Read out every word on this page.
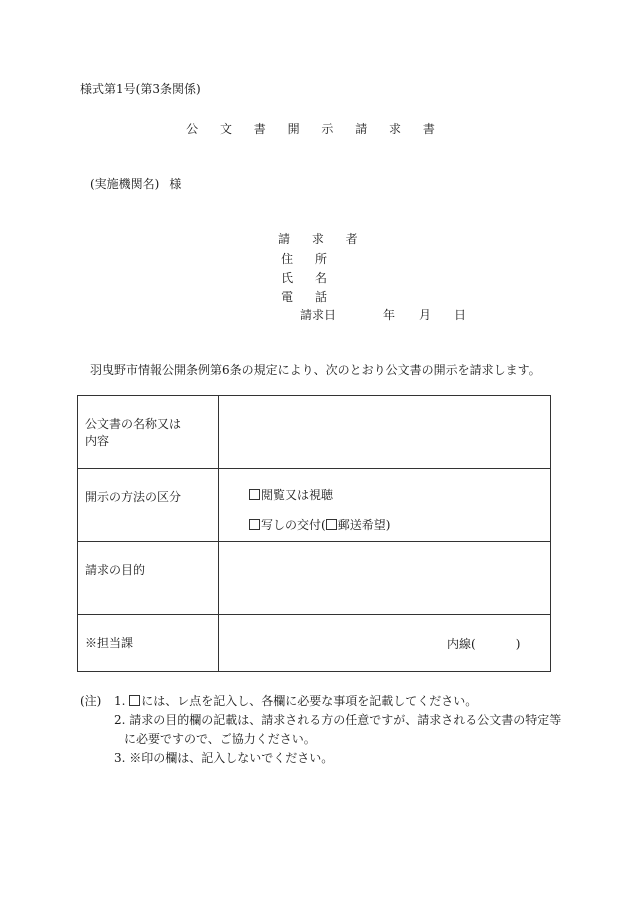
様式第1号(第3条関係)
公 文 書 開 示 請 求 書
(実施機関名) 様
請 求 者
住 所
氏 名
電 話
請求日	年 月 日
羽曳野市情報公開条例第6条の規定により、次のとおり公文書の開示を請求します。
公文書の名称又は
内容	

開示の方法の区分	閲覧又は視聴
写しの交付( 郵送希望)

請求の目的	
※担当課	内線( )
(注) 1. には、レ点を記入し、各欄に必要な事項を記載してください。
2. 請求の目的欄の記載は、請求される方の任意ですが、請求される公文書の特定等
に必要ですので、ご協力ください。
3. ※印の欄は、記入しないでください。
